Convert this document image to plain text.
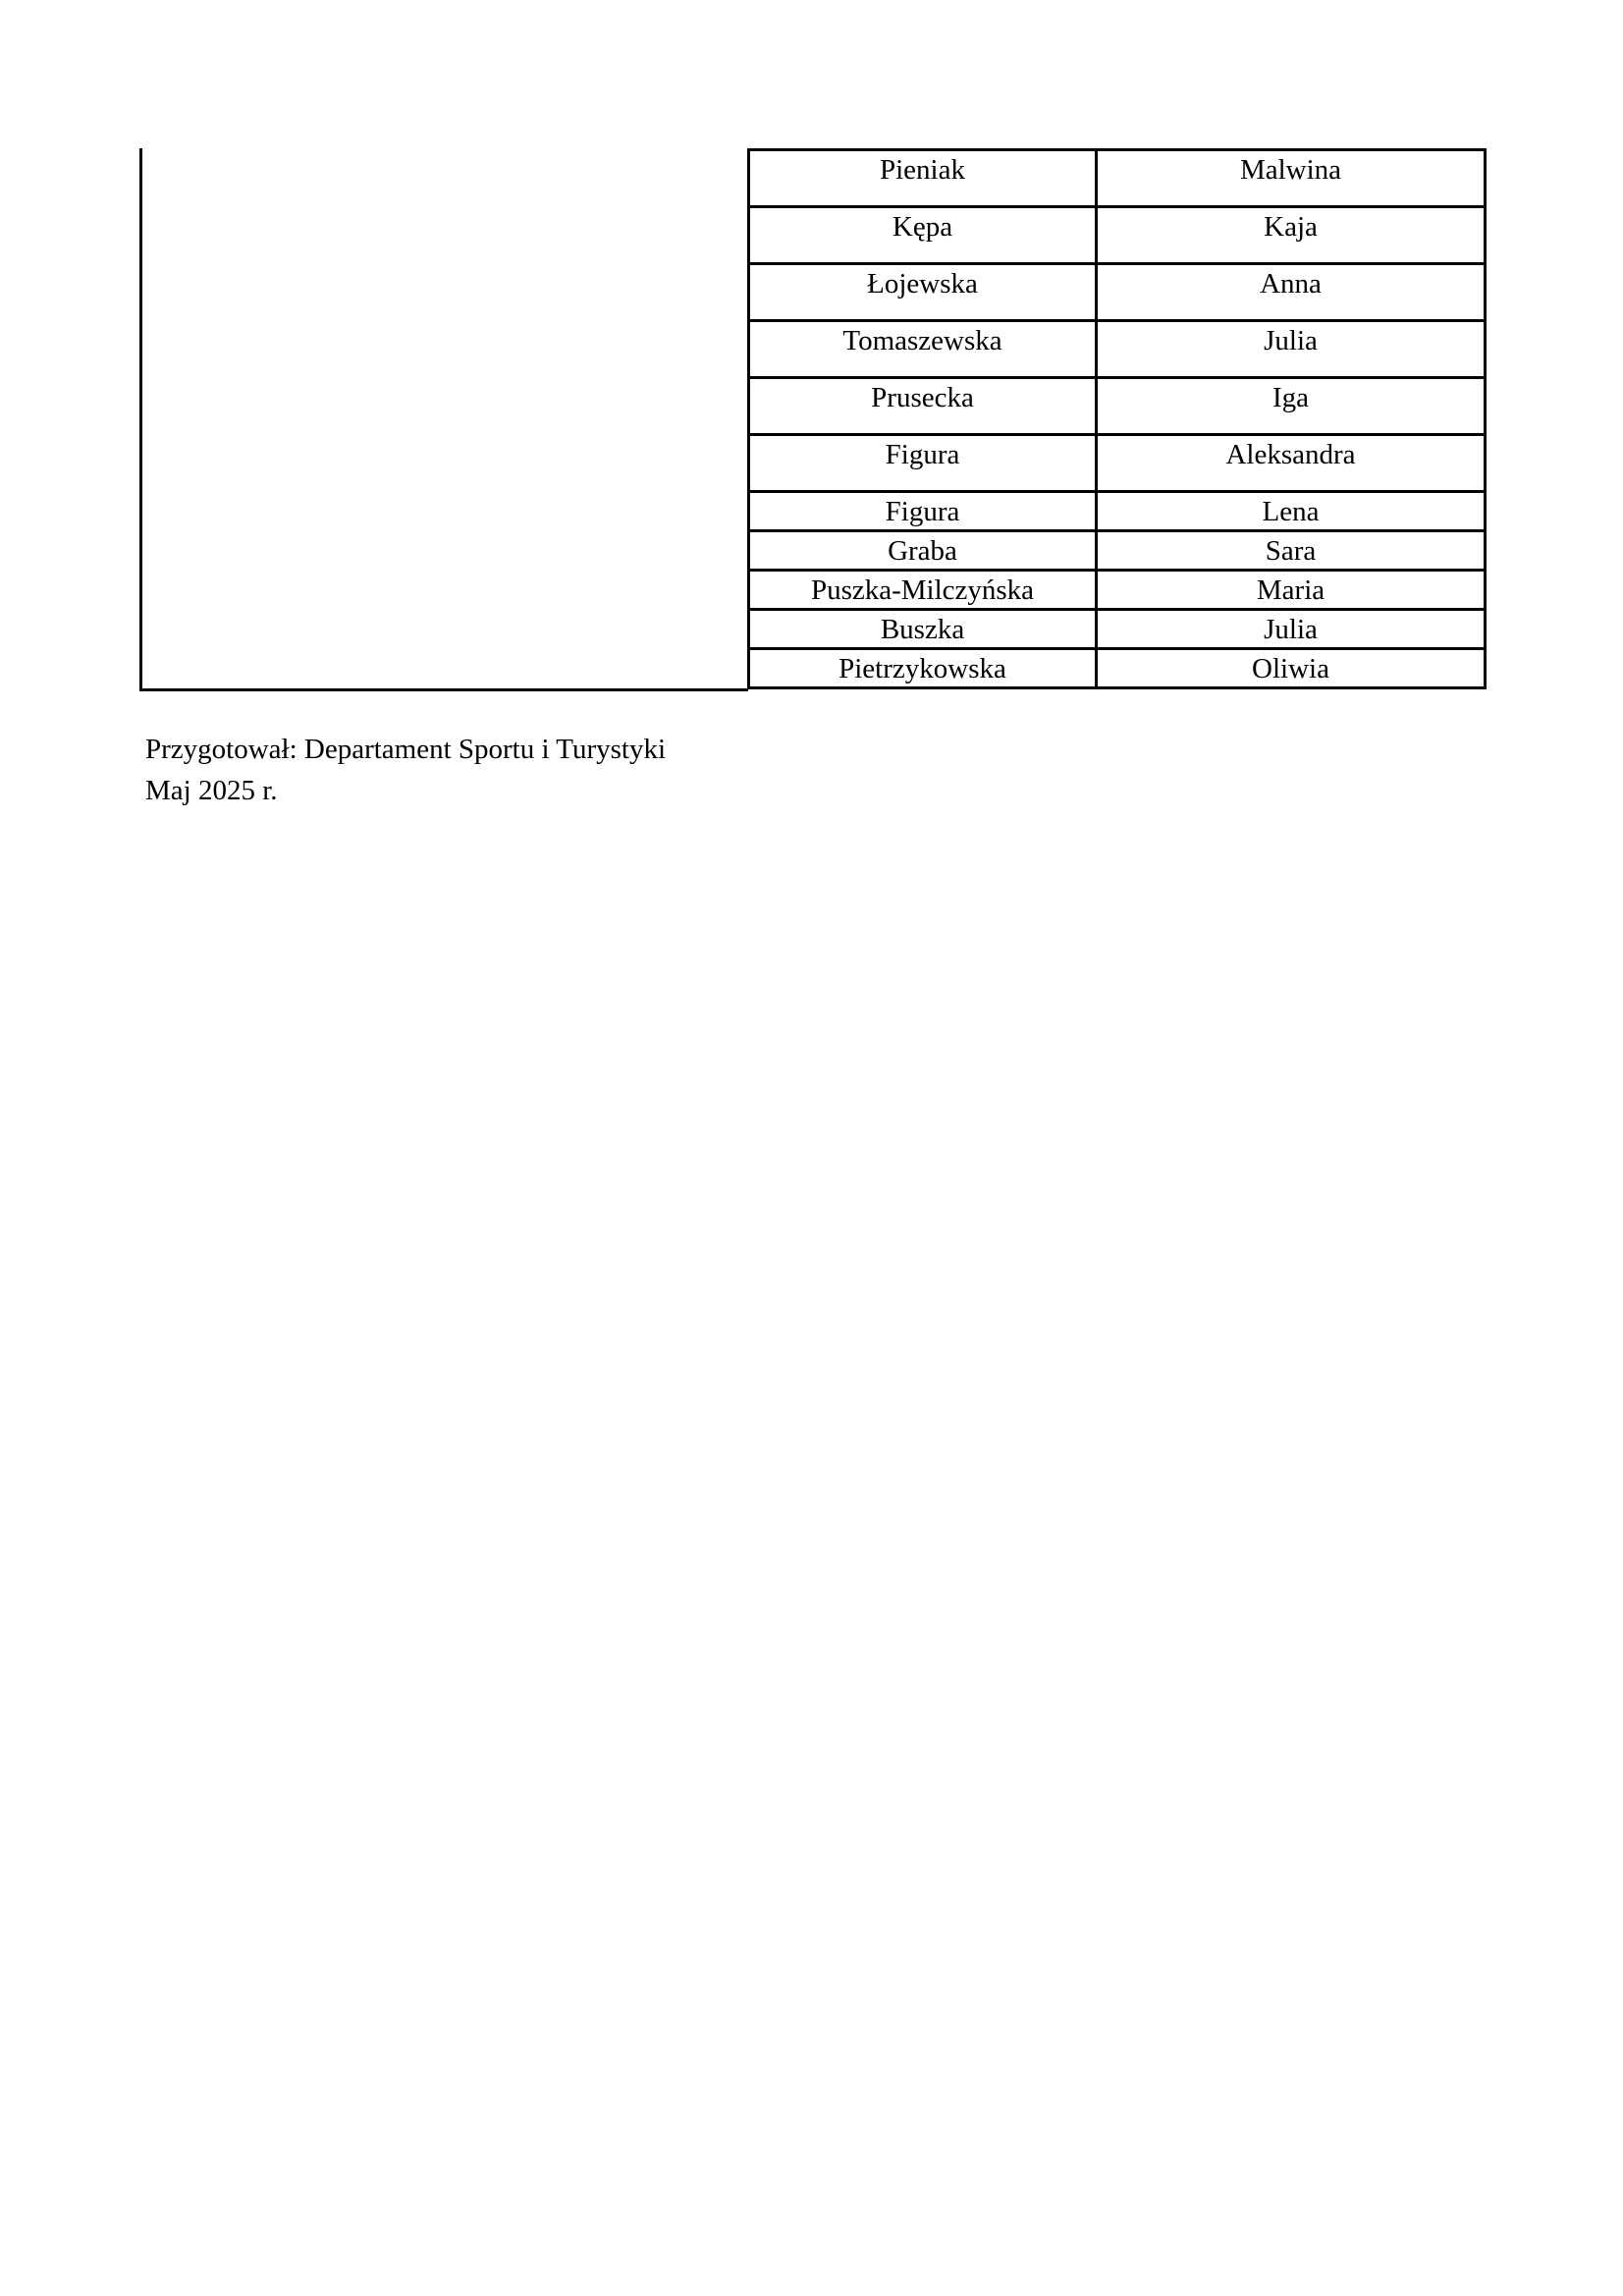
Pieniak	Malwina
Kępa	Kaja
Łojewska	Anna
Tomaszewska	Julia
Prusecka	Iga
Figura	Aleksandra
Figura	Lena
Graba	Sara
Puszka-Milczyńska	Maria
Buszka	Julia
Pietrzykowska	Oliwia
Przygotował: Departament Sportu i Turystyki
Maj 2025 r.
